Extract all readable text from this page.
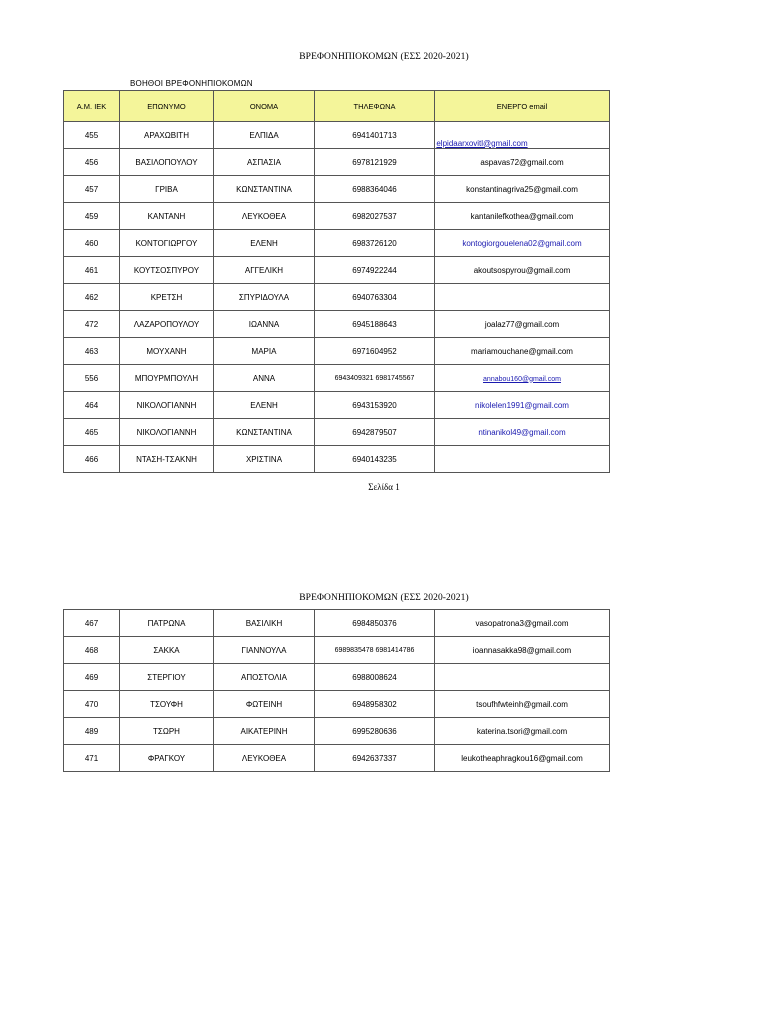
ΒΡΕΦΟΝΗΠΙΟΚΟΜΩΝ (ΕΣΣ 2020-2021)
ΒΟΗΘΟΙ ΒΡΕΦΟΝΗΠΙΟΚΟΜΩΝ
Α.Μ. ΙΕΚ	ΕΠΩΝΥΜΟ	ΟΝΟΜΑ	ΤΗΛΕΦΩΝΑ	ΕΝΕΡΓΟ email
455	ΑΡΑΧΩΒΙΤΗ	ΕΛΠΙΔΑ	6941401713	elpidaarxovitl@gmail.com
456	ΒΑΣΙΛΟΠΟΥΛΟΥ	ΑΣΠΑΣΙΑ	6978121929	aspavas72@gmail.com
457	ΓΡΙΒΑ	ΚΩΝΣΤΑΝΤΙΝΑ	6988364046	konstantinagriva25@gmail.com
459	ΚΑΝΤΑΝΗ	ΛΕΥΚΟΘΕΑ	6982027537	kantanilefkothea@gmail.com
460	ΚΟΝΤΟΓΙΩΡΓΟΥ	ΕΛΕΝΗ	6983726120	kontogiorgouelena02@gmail.com
461	ΚΟΥΤΣΟΣΠΥΡΟΥ	ΑΓΓΕΛΙΚΗ	6974922244	akoutsospyrou@gmail.com
462	ΚΡΕΤΣΗ	ΣΠΥΡΙΔΟΥΛΑ	6940763304	
472	ΛΑΖΑΡΟΠΟΥΛΟΥ	ΙΩΑΝΝΑ	6945188643	joalaz77@gmail.com
463	ΜΟΥΧΑΝΗ	ΜΑΡΙΑ	6971604952	mariamouchane@gmail.com
556	ΜΠΟΥΡΜΠΟΥΛΗ	ΑΝΝΑ	6943409321 6981745567	annabou160@gmail.com
464	ΝΙΚΟΛΟΓΙΑΝΝΗ	ΕΛΕΝΗ	6943153920	nikolelen1991@gmail.com
465	ΝΙΚΟΛΟΓΙΑΝΝΗ	ΚΩΝΣΤΑΝΤΙΝΑ	6942879507	ntinanikol49@gmail.com
466	ΝΤΑΣΗ-ΤΣΑΚΝΗ	ΧΡΙΣΤΙΝΑ	6940143235	
Σελίδα 1
ΒΡΕΦΟΝΗΠΙΟΚΟΜΩΝ (ΕΣΣ 2020-2021)
467	ΠΑΤΡΩΝΑ	ΒΑΣΙΛΙΚΗ	6984850376	vasopatrona3@gmail.com
468	ΣΑΚΚΑ	ΓΙΑΝΝΟΥΛΑ	6989835478 6981414786	ioannasakka98@gmail.com
469	ΣΤΕΡΓΙΟΥ	ΑΠΟΣΤΟΛΙΑ	6988008624	
470	ΤΣΟΥΦΗ	ΦΩΤΕΙΝΗ	6948958302	tsoufhfwteinh@gmail.com
489	ΤΣΩΡΗ	ΑΙΚΑΤΕΡΙΝΗ	6995280636	katerina.tsori@gmail.com
471	ΦΡΑΓΚΟΥ	ΛΕΥΚΟΘΕΑ	6942637337	leukotheaphragkou16@gmail.com
